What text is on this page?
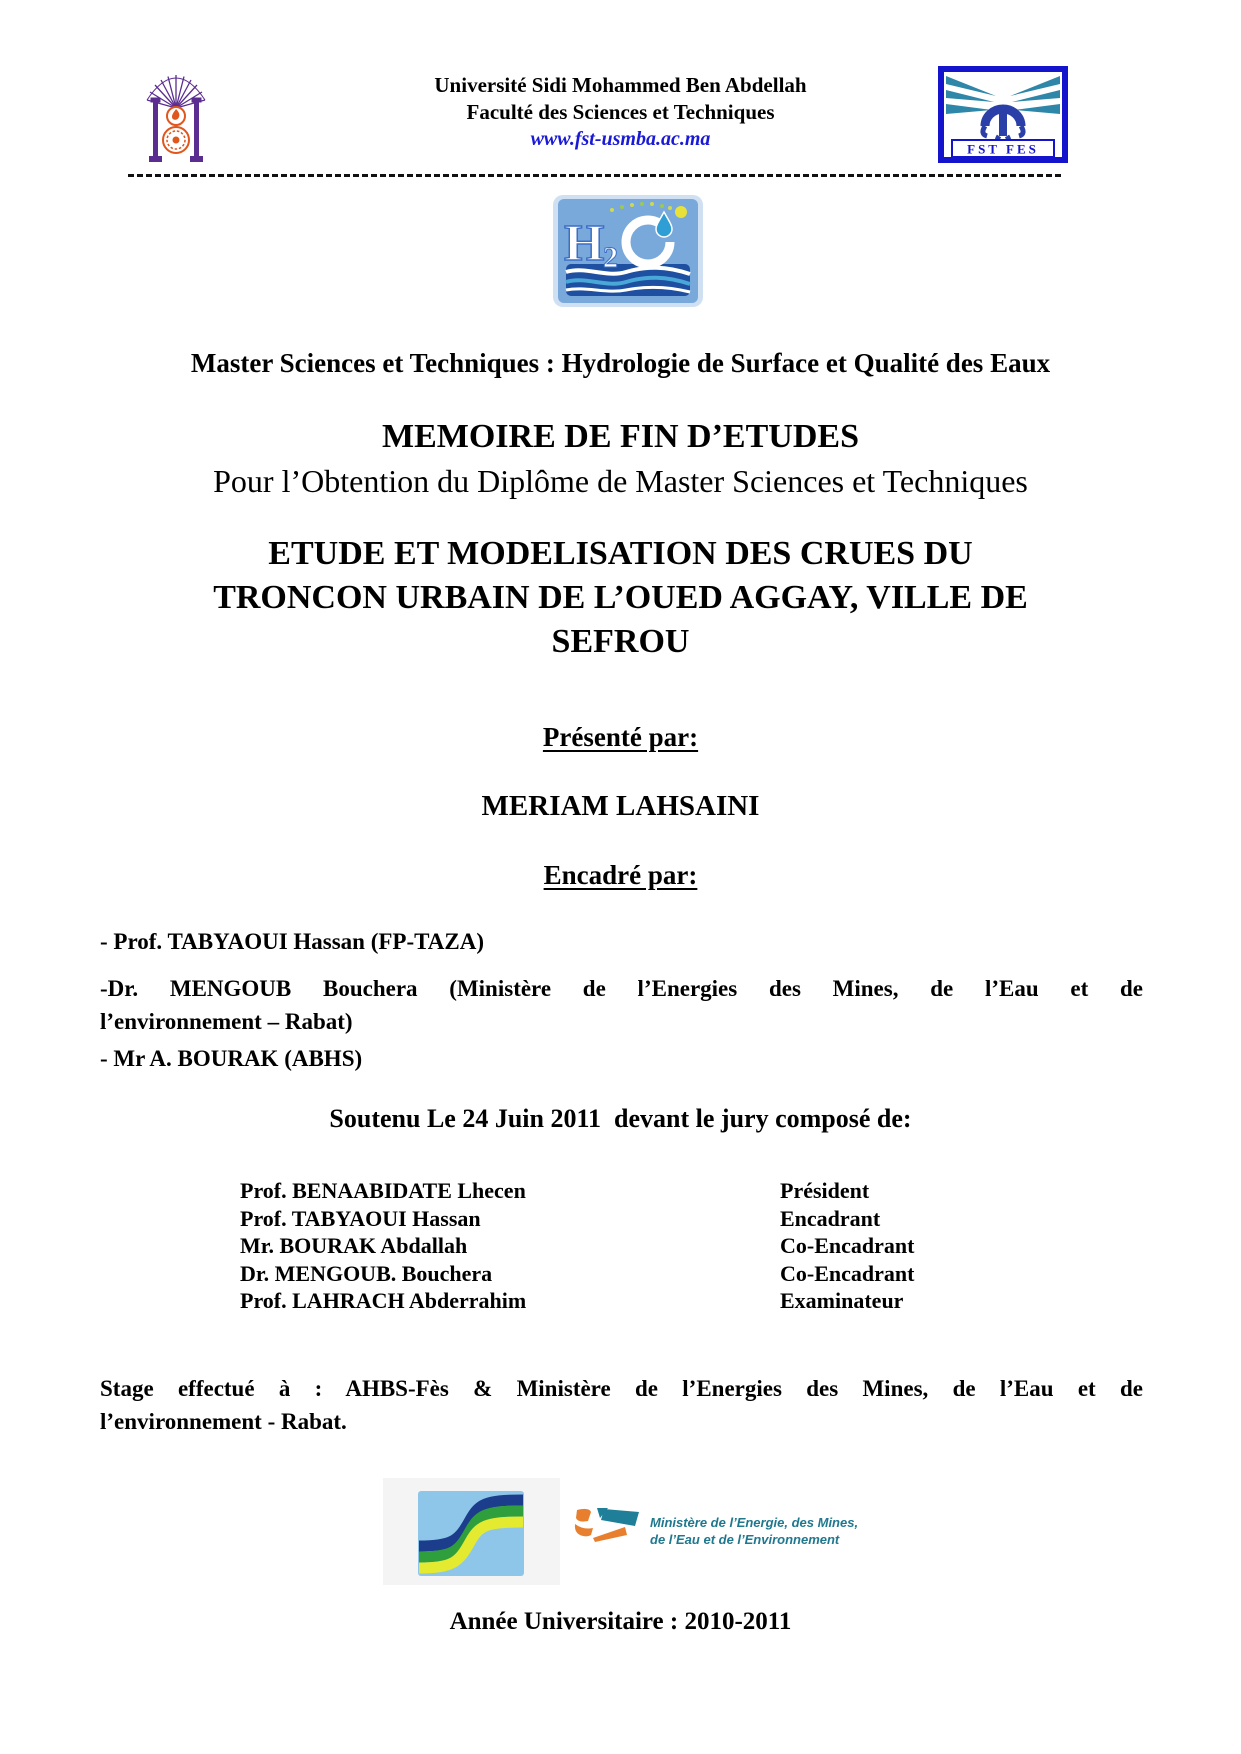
Université Sidi Mohammed Ben Abdellah
Faculté des Sciences et Techniques
www.fst-usmba.ac.ma	FST FES
H
2
Master Sciences et Techniques : Hydrologie de Surface et Qualité des Eaux
MEMOIRE DE FIN D’ETUDES
Pour l’Obtention du Diplôme de Master Sciences et Techniques
ETUDE ET MODELISATION DES CRUES DU
TRONCON URBAIN DE L’OUED AGGAY, VILLE DE
SEFROU
Présenté par:
MERIAM LAHSAINI
Encadré par:
- Prof. TABYAOUI Hassan (FP-TAZA)
-Dr. MENGOUB Bouchera (Ministère de l’Energies des Mines, de l’Eau et de
l’environnement – Rabat)
- Mr A. BOURAK (ABHS)
Soutenu Le 24 Juin 2011  devant le jury composé de:
Prof. BENAABIDATE Lhecen	Président
Prof. TABYAOUI Hassan	Encadrant
Mr. BOURAK Abdallah	Co-Encadrant
Dr. MENGOUB. Bouchera	Co-Encadrant
Prof. LAHRACH Abderrahim	Examinateur
Stage effectué à : AHBS-Fès & Ministère de l’Energies des Mines, de l’Eau et de
l’environnement - Rabat.
Ministère de l’Energie, des Mines,
de l’Eau et de l’Environnement
Année Universitaire : 2010-2011
